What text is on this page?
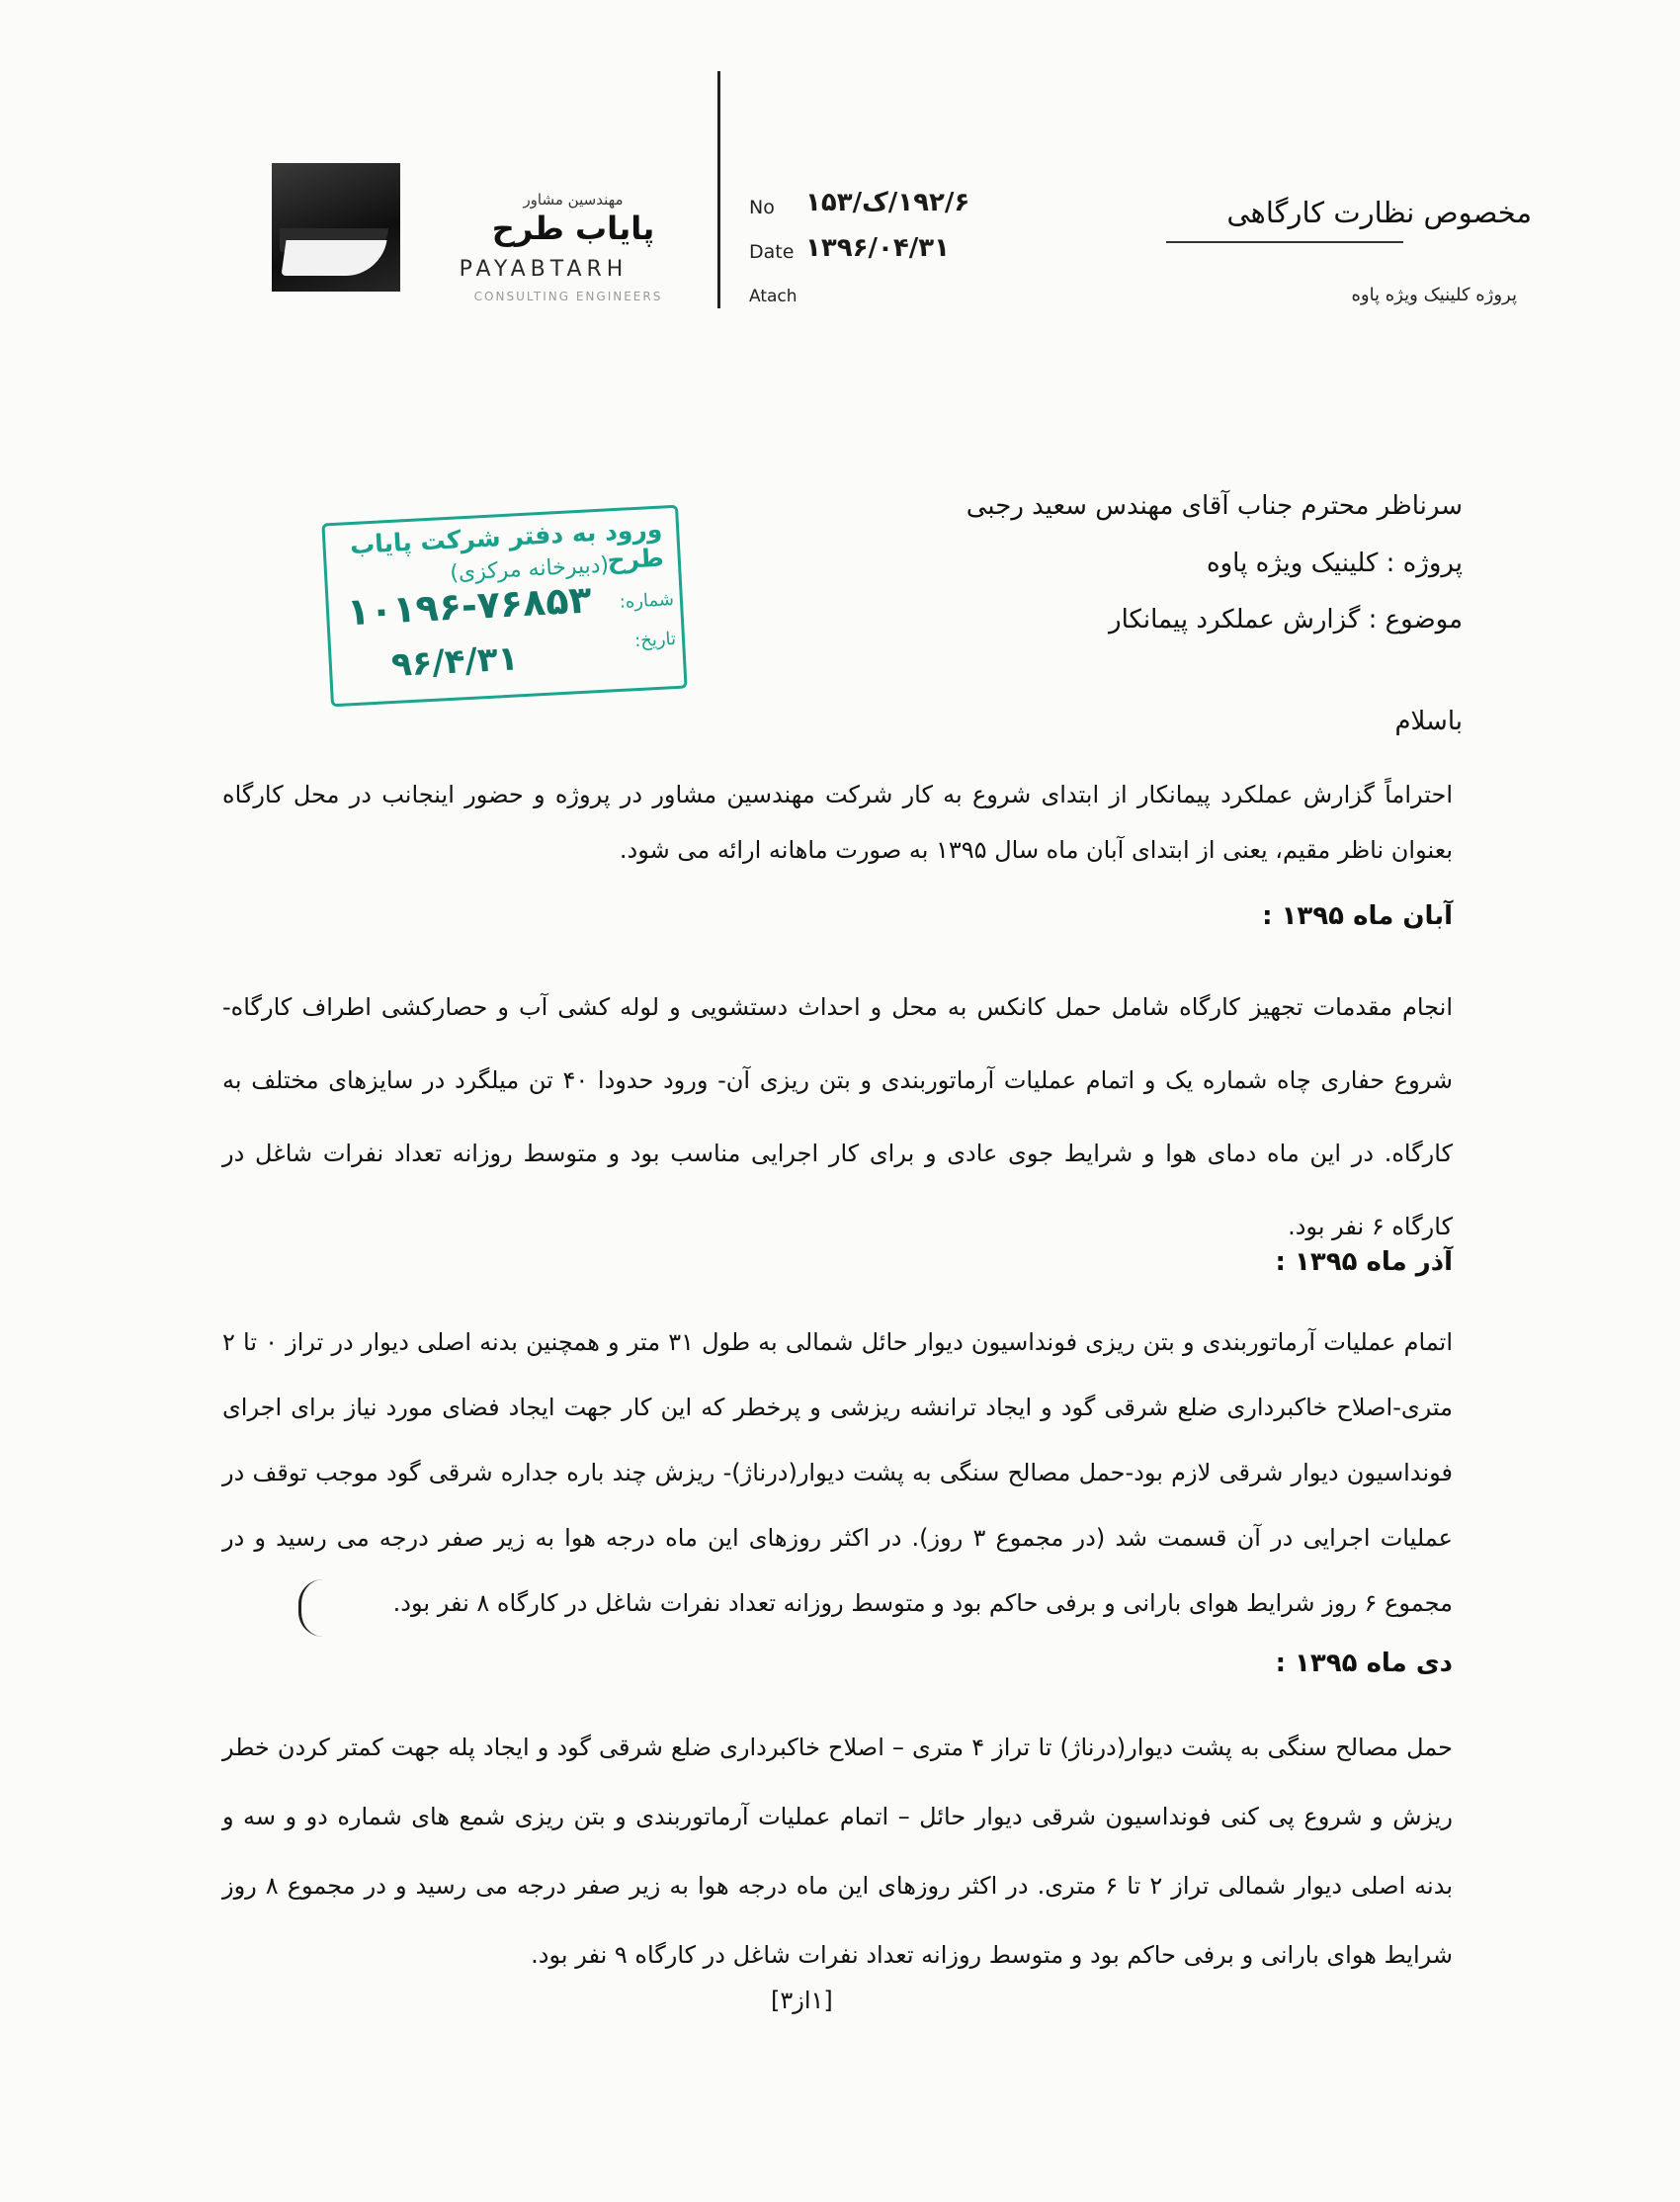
مهندسین مشاور
پایاب طرح
PAYABTARH
CONSULTING ENGINEERS
No ۱۹۲/۶/ک/۱۵۳
Date ۱۳۹۶/۰۴/۳۱
Atach
مخصوص نظارت کارگاهی
پروژه کلینیک ویژه پاوه
ورود به دفتر شرکت پایاب طرح
(دبیرخانه مرکزی)
شماره:
۱۰۱۹۶-۷۶۸۵۳
تاریخ:
۹۶/۴/۳۱
سرناظر محترم جناب آقای مهندس سعید رجبی
پروژه : کلینیک ویژه پاوه
موضوع : گزارش عملکرد پیمانکار
باسلام
احتراماً گزارش عملکرد پیمانکار از ابتدای شروع به کار شرکت مهندسین مشاور در پروژه و حضور اینجانب در محل کارگاه بعنوان ناظر مقیم، یعنی از ابتدای آبان ماه سال ۱۳۹۵ به صورت ماهانه ارائه می شود.
آبان ماه ۱۳۹۵ :
انجام مقدمات تجهیز کارگاه شامل حمل کانکس به محل و احداث دستشویی و لوله کشی آب و حصارکشی اطراف کارگاه- شروع حفاری چاه شماره یک و اتمام عملیات آرماتوربندی و بتن ریزی آن- ورود حدودا ۴۰ تن میلگرد در سایزهای مختلف به کارگاه. در این ماه دمای هوا و شرایط جوی عادی و برای کار اجرایی مناسب بود و متوسط روزانه تعداد نفرات شاغل در کارگاه ۶ نفر بود.
آذر ماه ۱۳۹۵ :
اتمام عملیات آرماتوربندی و بتن ریزی فونداسیون دیوار حائل شمالی به طول ۳۱ متر و همچنین بدنه اصلی دیوار در تراز ۰ تا ۲ متری-اصلاح خاکبرداری ضلع شرقی گود و ایجاد ترانشه ریزشی و پرخطر که این کار جهت ایجاد فضای مورد نیاز برای اجرای فونداسیون دیوار شرقی لازم بود-حمل مصالح سنگی به پشت دیوار(درناژ)- ریزش چند باره جداره شرقی گود موجب توقف در عملیات اجرایی در آن قسمت شد (در مجموع ۳ روز). در اکثر روزهای این ماه درجه هوا به زیر صفر درجه می رسید و در مجموع ۶ روز شرایط هوای بارانی و برفی حاکم بود و متوسط روزانه تعداد نفرات شاغل در کارگاه ۸ نفر بود.
دی ماه ۱۳۹۵ :
حمل مصالح سنگی به پشت دیوار(درناژ) تا تراز ۴ متری – اصلاح خاکبرداری ضلع شرقی گود و ایجاد پله جهت کمتر کردن خطر ریزش و شروع پی کنی فونداسیون شرقی دیوار حائل – اتمام عملیات آرماتوربندی و بتن ریزی شمع های شماره دو و سه و بدنه اصلی دیوار شمالی تراز ۲ تا ۶ متری. در اکثر روزهای این ماه درجه هوا به زیر صفر درجه می رسید و در مجموع ۸ روز شرایط هوای بارانی و برفی حاکم بود و متوسط روزانه تعداد نفرات شاغل در کارگاه ۹ نفر بود.
[۱از۳]
